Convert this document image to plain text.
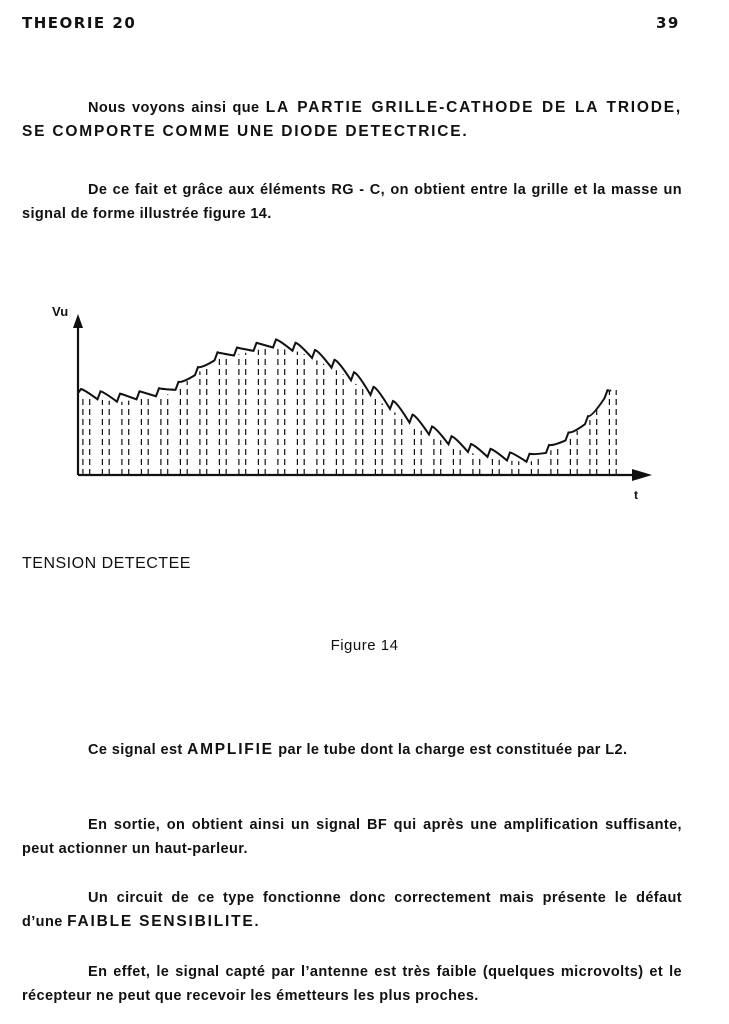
THEORIE 20	39
Nous voyons ainsi que LA PARTIE GRILLE-CATHODE DE LA TRIODE, SE COMPORTE COMME UNE DIODE DETECTRICE.
De ce fait et grâce aux éléments RG - C, on obtient entre la grille et la masse un signal de forme illustrée figure 14.
Vu
t
TENSION DETECTEE
Figure 14
Ce signal est AMPLIFIE par le tube dont la charge est constituée par L2.
En sortie, on obtient ainsi un signal BF qui après une amplification suffisante, peut actionner un haut-parleur.
Un circuit de ce type fonctionne donc correctement mais présente le défaut d’une FAIBLE SENSIBILITE.
En effet, le signal capté par l’antenne est très faible (quelques microvolts) et le récepteur ne peut que recevoir les émetteurs les plus proches.
